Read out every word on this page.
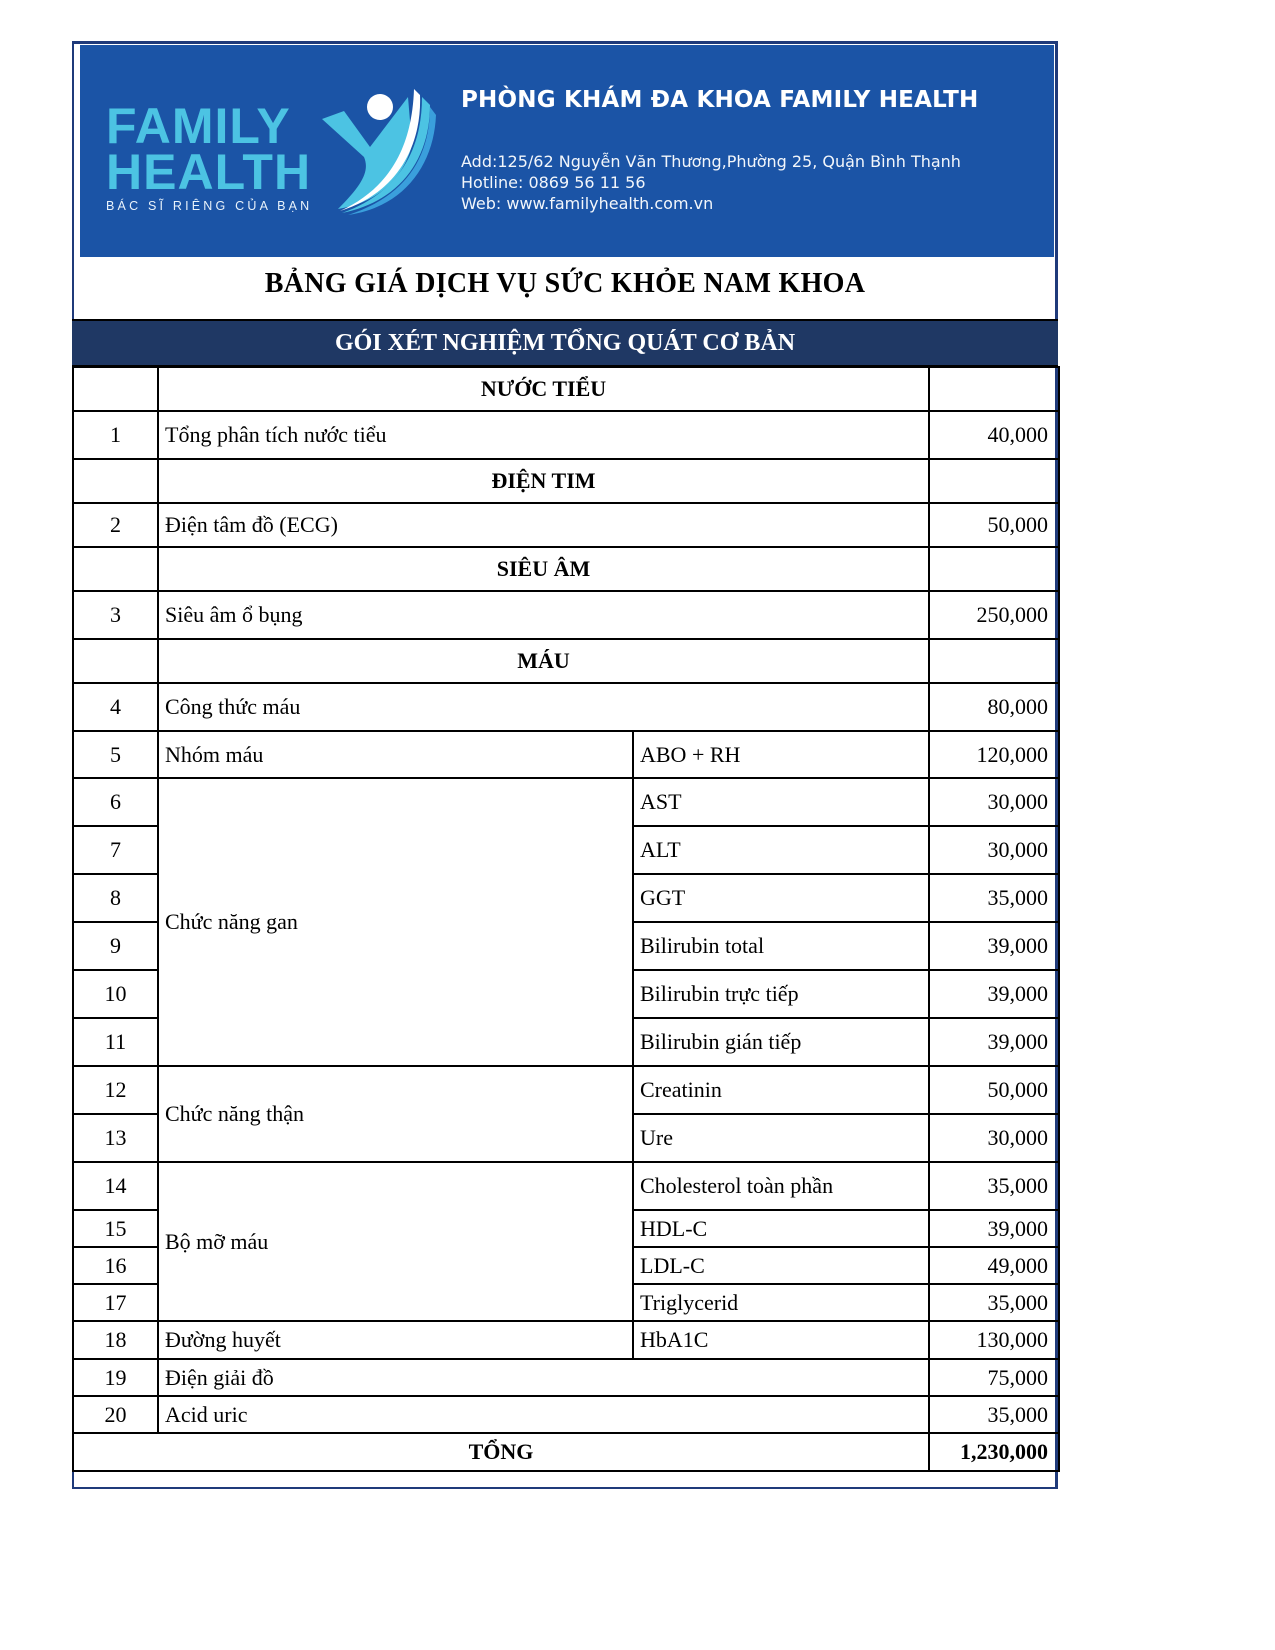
FAMILY
HEALTH
BÁC SĨ RIÊNG CỦA BẠN
PHÒNG KHÁM ĐA KHOA FAMILY HEALTH
Add:125/62 Nguyễn Văn Thương,Phường 25, Quận Bình Thạnh
Hotline: 0869 56 11 56
Web: www.familyhealth.com.vn
BẢNG GIÁ DỊCH VỤ SỨC KHỎE NAM KHOA
GÓI XÉT NGHIỆM TỔNG QUÁT CƠ BẢN
	NƯỚC TIỂU		
1	Tổng phân tích nước tiểu		40,000
	ĐIỆN TIM		
2	Điện tâm đồ (ECG)		50,000
	SIÊU ÂM		
3	Siêu âm ổ bụng		250,000
	MÁU		
4	Công thức máu		80,000
5	Nhóm máu	ABO + RH	120,000
6	Chức năng gan	AST	30,000
7		ALT	30,000
8		GGT	35,000
9		Bilirubin total	39,000
10		Bilirubin trực tiếp	39,000
11		Bilirubin gián tiếp	39,000
12	Chức năng thận	Creatinin	50,000
13		Ure	30,000
14	Bộ mỡ máu	Cholesterol toàn phần	35,000
15		HDL-C	39,000
16		LDL-C	49,000
17		Triglycerid	35,000
18	Đường huyết	HbA1C	130,000
19	Điện giải đồ		75,000
20	Acid uric		35,000
TỔNG			1,230,000
